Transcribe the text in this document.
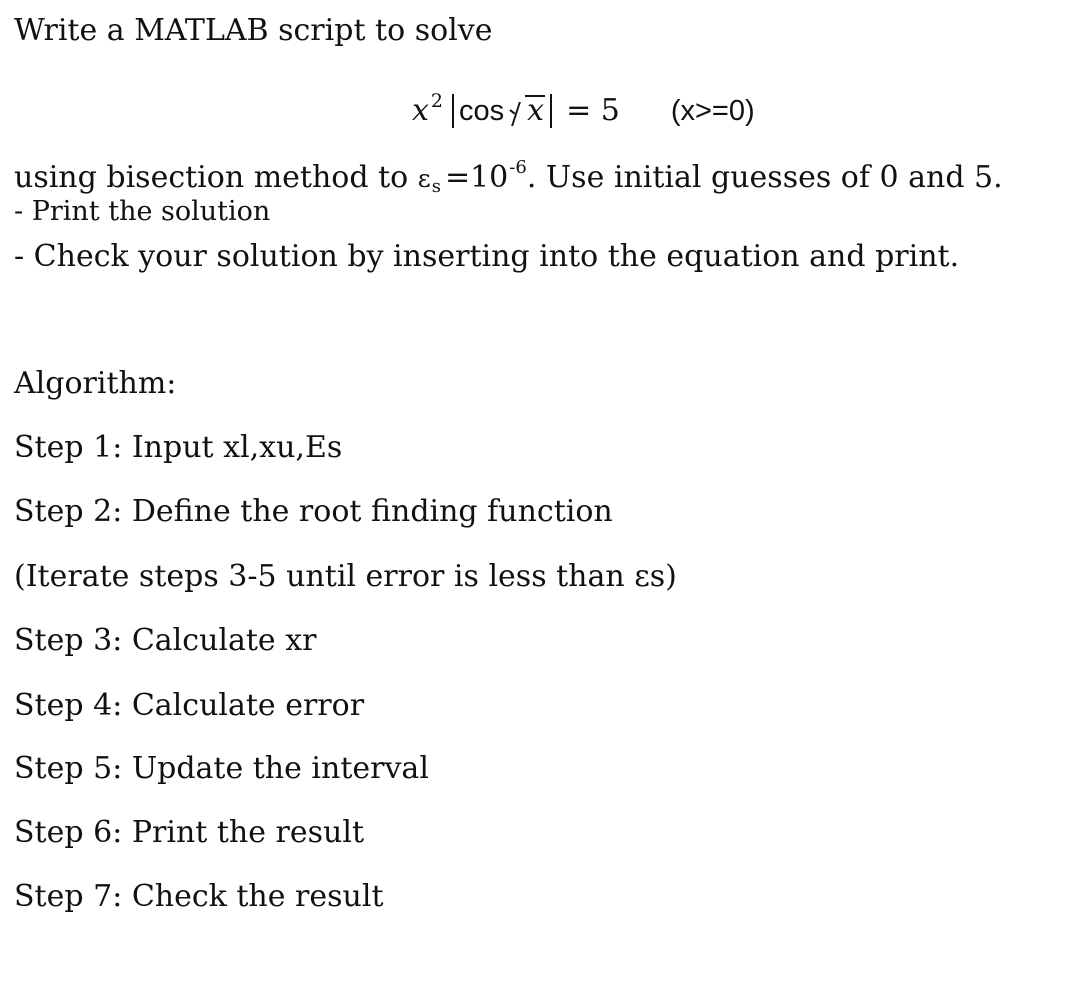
Write a MATLAB script to solve
x $^2$ cos x = 5 (x>=0)
using bisection method to $\varepsilon_s =10^{-6}$. Use initial guesses of 0 and 5.
- Print the solution
- Check your solution by inserting into the equation and print.
Algorithm:
Step 1: Input xl,xu,Es
Step 2: Define the root finding function
(Iterate steps 3-5 until error is less than εs)
Step 3: Calculate xr
Step 4: Calculate error
Step 5: Update the interval
Step 6: Print the result
Step 7: Check the result
